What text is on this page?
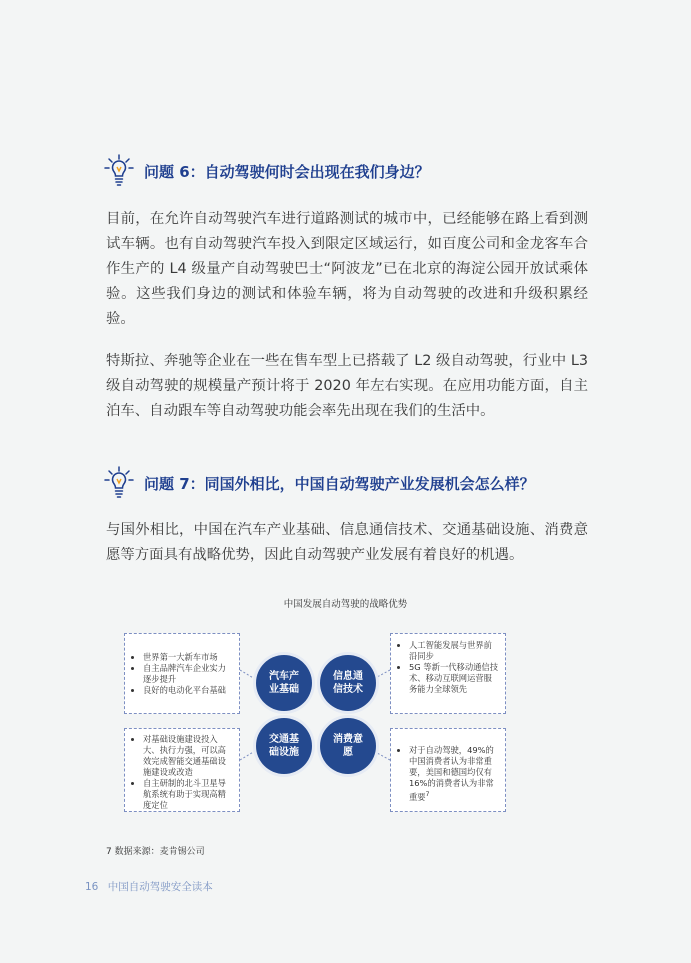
问题 6：自动驾驶何时会出现在我们身边？

目前，在允许自动驾驶汽车进行道路测试的城市中，已经能够在路上看到测试车辆。也有自动驾驶汽车投入到限定区域运行，如百度公司和金龙客车合作生产的 L4 级量产自动驾驶巴士“阿波龙”已在北京的海淀公园开放试乘体验。这些我们身边的测试和体验车辆，将为自动驾驶的改进和升级积累经验。

特斯拉、奔驰等企业在一些在售车型上已搭载了 L2 级自动驾驶，行业中 L3 级自动驾驶的规模量产预计将于 2020 年左右实现。在应用功能方面，自主泊车、自动跟车等自动驾驶功能会率先出现在我们的生活中。

问题 7：同国外相比，中国自动驾驶产业发展机会怎么样？

与国外相比，中国在汽车产业基础、信息通信技术、交通基础设施、消费意愿等方面具有战略优势，因此自动驾驶产业发展有着良好的机遇。

中国发展自动驾驶的战略优势
• 世界第一大新车市场
• 自主品牌汽车企业实力逐步提升
• 良好的电动化平台基础
• 人工智能发展与世界前沿同步
• 5G 等新一代移动通信技术、移动互联网运营服务能力全球领先
• 对基础设施建设投入大、执行力强，可以高效完成智能交通基础设施建设或改造
• 自主研制的北斗卫星导航系统有助于实现高精度定位
• 对于自动驾驶，49%的中国消费者认为非常重要，美国和德国均仅有16%的消费者认为非常重要$^7$
汽车产业基础
信息通信技术
交通基础设施
消费意愿
7 数据来源：麦肯锡公司
16 中国自动驾驶安全读本
